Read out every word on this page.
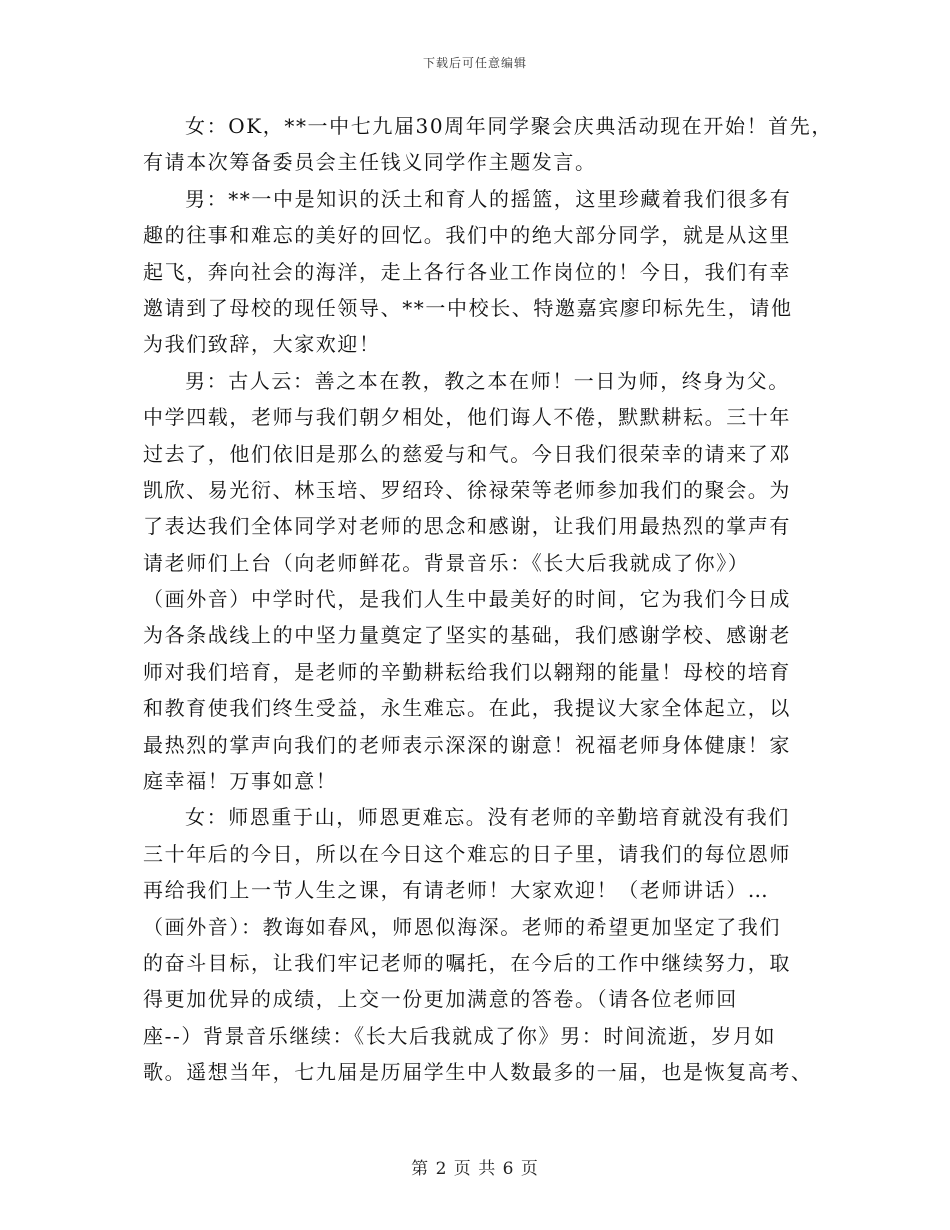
下载后可任意编辑
女：OK，**一中七九届30周年同学聚会庆典活动现在开始！首先，
有请本次筹备委员会主任钱义同学作主题发言。
男：**一中是知识的沃土和育人的摇篮，这里珍藏着我们很多有
趣的往事和难忘的美好的回忆。我们中的绝大部分同学，就是从这里
起飞，奔向社会的海洋，走上各行各业工作岗位的！今日，我们有幸
邀请到了母校的现任领导、**一中校长、特邀嘉宾廖印标先生，请他
为我们致辞，大家欢迎！
男：古人云：善之本在教，教之本在师！一日为师，终身为父。
中学四载，老师与我们朝夕相处，他们诲人不倦，默默耕耘。三十年
过去了，他们依旧是那么的慈爱与和气。今日我们很荣幸的请来了邓
凯欣、易光衍、林玉培、罗绍玲、徐禄荣等老师参加我们的聚会。为
了表达我们全体同学对老师的思念和感谢，让我们用最热烈的掌声有
请老师们上台（向老师鲜花。背景音乐：《长大后我就成了你》）
（画外音）中学时代，是我们人生中最美好的时间，它为我们今日成
为各条战线上的中坚力量奠定了坚实的基础，我们感谢学校、感谢老
师对我们培育，是老师的辛勤耕耘给我们以翱翔的能量！母校的培育
和教育使我们终生受益，永生难忘。在此，我提议大家全体起立，以
最热烈的掌声向我们的老师表示深深的谢意！祝福老师身体健康！家
庭幸福！万事如意！
女：师恩重于山，师恩更难忘。没有老师的辛勤培育就没有我们
三十年后的今日，所以在今日这个难忘的日子里，请我们的每位恩师
再给我们上一节人生之课，有请老师！大家欢迎！（老师讲话）…
（画外音）：教诲如春风，师恩似海深。老师的希望更加坚定了我们
的奋斗目标，让我们牢记老师的嘱托，在今后的工作中继续努力，取
得更加优异的成绩，上交一份更加满意的答卷。（请各位老师回
座--）背景音乐继续：《长大后我就成了你》男：时间流逝，岁月如
歌。遥想当年，七九届是历届学生中人数最多的一届，也是恢复高考、
第 2 页 共 6 页
